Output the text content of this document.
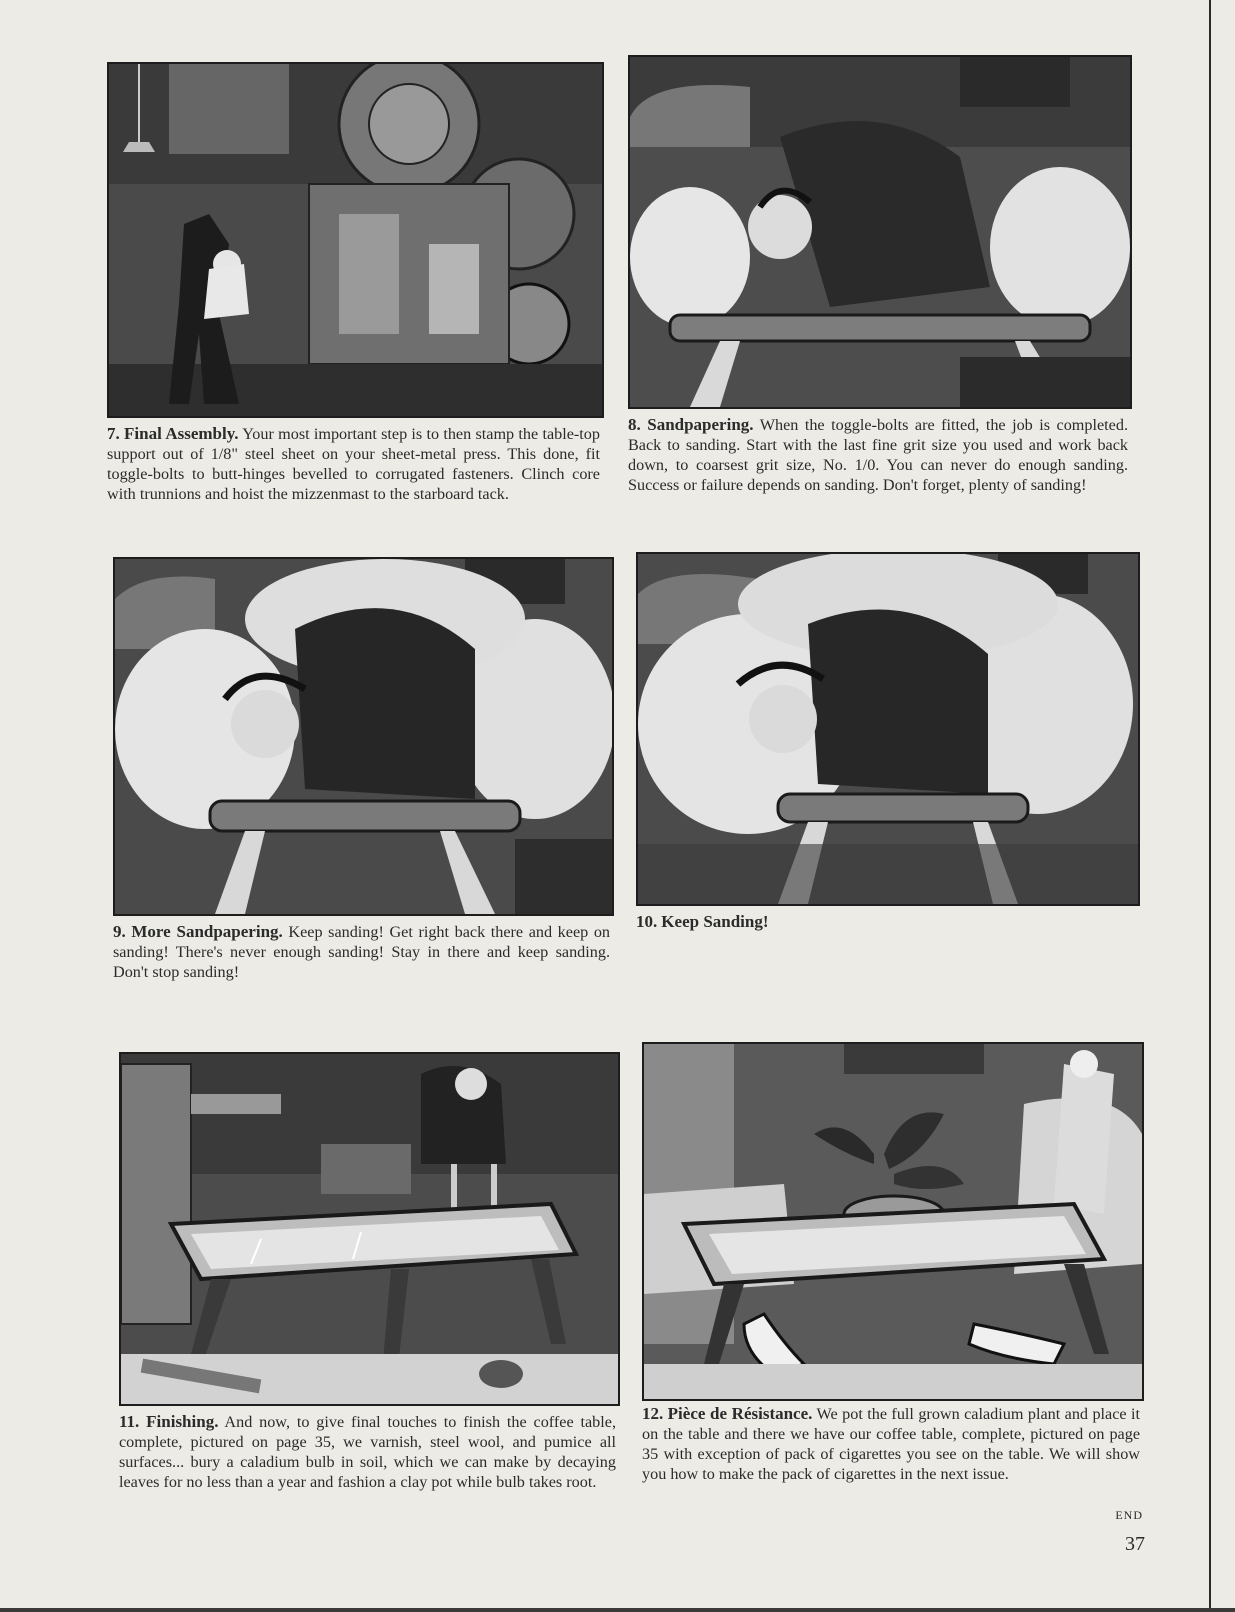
7. Final Assembly. Your most important step is to then stamp the table-top support out of 1/8" steel sheet on your sheet-metal press. This done, fit toggle-bolts to butt-hinges bevelled to corrugated fasteners. Clinch core with trunnions and hoist the mizzenmast to the starboard tack.
8. Sandpapering. When the toggle-bolts are fitted, the job is completed. Back to sanding. Start with the last fine grit size you used and work back down, to coarsest grit size, No. 1/0. You can never do enough sanding. Success or failure depends on sanding. Don't forget, plenty of sanding!
9. More Sandpapering. Keep sanding! Get right back there and keep on sanding! There's never enough sanding! Stay in there and keep sanding. Don't stop sanding!
10. Keep Sanding!
11. Finishing. And now, to give final touches to finish the coffee table, complete, pictured on page 35, we varnish, steel wool, and pumice all surfaces... bury a caladium bulb in soil, which we can make by decaying leaves for no less than a year and fashion a clay pot while bulb takes root.
12. Pièce de Résistance. We pot the full grown caladium plant and place it on the table and there we have our coffee table, complete, pictured on page 35 with exception of pack of cigarettes you see on the table. We will show you how to make the pack of cigarettes in the next issue.
END
37
